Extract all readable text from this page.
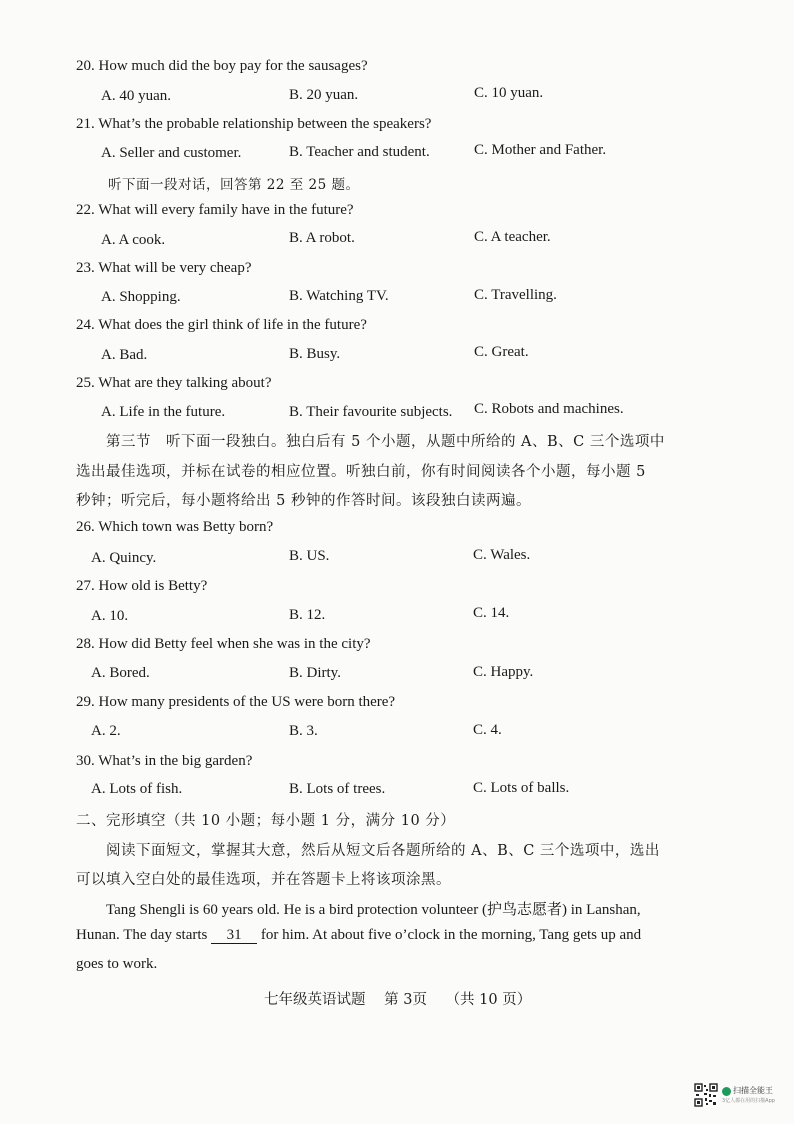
20. How much did the boy pay for the sausages?
A. 40 yuan.	B. 20 yuan.	C. 10 yuan.
21. What’s the probable relationship between the speakers?
A. Seller and customer.	B. Teacher and student.	C. Mother and Father.
听下面一段对话，回答第 22 至 25 题。
22. What will every family have in the future?
A. A cook.	B. A robot.	C. A teacher.
23. What will be very cheap?
A. Shopping.	B. Watching TV.	C. Travelling.
24. What does the girl think of life in the future?
A. Bad.	B. Busy.	C. Great.
25. What are they talking about?
A. Life in the future.	B. Their favourite subjects. C. Robots and machines.
第三节　听下面一段独白。独白后有 5 个小题，从题中所给的 A、B、C 三个选项中
选出最佳选项，并标在试卷的相应位置。听独白前，你有时间阅读各个小题，每小题 5
秒钟；听完后，每小题将给出 5 秒钟的作答时间。该段独白读两遍。
26. Which town was Betty born?
A. Quincy.	B. US.	C. Wales.
27. How old is Betty?
A. 10.	B. 12.	C. 14.
28. How did Betty feel when she was in the city?
A. Bored.	B. Dirty.	C. Happy.
29. How many presidents of the US were born there?
A. 2.	B. 3.	C. 4.
30. What’s in the big garden?
A. Lots of fish.	B. Lots of trees.	C. Lots of balls.
二、完形填空（共 10 小题；每小题 1 分，满分 10 分）
阅读下面短文，掌握其大意，然后从短文后各题所给的 A、B、C 三个选项中，选出
可以填入空白处的最佳选项，并在答题卡上将该项涂黑。
Tang Shengli is 60 years old. He is a bird protection volunteer (护鸟志愿者) in Lanshan,
Hunan. The day starts 31 for him. At about five o’clock in the morning, Tang gets up and
goes to work.
七年级英语试题 第 3页 （共 10 页）
扫描全能王
3亿人都在用的扫描App
